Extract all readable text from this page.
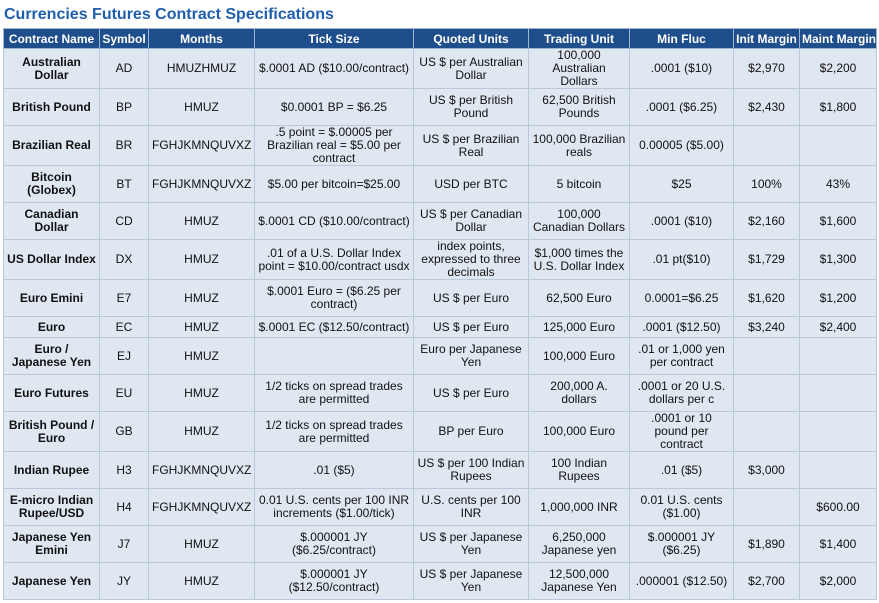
Currencies Futures Contract Specifications
Contract Name	Symbol	Months	Tick Size	Quoted Units	Trading Unit	Min Fluc	Init Margin	Maint Margin
Australian Dollar	AD	HMUZHMUZ	$.0001 AD ($10.00/contract)	US $ per Australian Dollar	100,000 Australian Dollars	.0001 ($10)	$2,970	$2,200
British Pound	BP	HMUZ	$0.0001 BP = $6.25	US $ per British Pound	62,500 British Pounds	.0001 ($6.25)	$2,430	$1,800
Brazilian Real	BR	FGHJKMNQUVXZ	.5 point = $.00005 per Brazilian real = $5.00 per contract	US $ per Brazilian Real	100,000 Brazilian reals	0.00005 ($5.00)		
Bitcoin (Globex)	BT	FGHJKMNQUVXZ	$5.00 per bitcoin=$25.00	USD per BTC	5 bitcoin	$25	100%	43%
Canadian Dollar	CD	HMUZ	$.0001 CD ($10.00/contract)	US $ per Canadian Dollar	100,000 Canadian Dollars	.0001 ($10)	$2,160	$1,600
US Dollar Index	DX	HMUZ	.01 of a U.S. Dollar Index point = $10.00/contract usdx	index points, expressed to three decimals	$1,000 times the U.S. Dollar Index	.01 pt($10)	$1,729	$1,300
Euro Emini	E7	HMUZ	$.0001 Euro = ($6.25 per contract)	US $ per Euro	62,500 Euro	0.0001=$6.25	$1,620	$1,200
Euro	EC	HMUZ	$.0001 EC ($12.50/contract)	US $ per Euro	125,000 Euro	.0001 ($12.50)	$3,240	$2,400
Euro / Japanese Yen	EJ	HMUZ		Euro per Japanese Yen	100,000 Euro	.01 or 1,000 yen per contract		
Euro Futures	EU	HMUZ	1/2 ticks on spread trades are permitted	US $ per Euro	200,000 A. dollars	.0001 or 20 U.S. dollars per c		
British Pound / Euro	GB	HMUZ	1/2 ticks on spread trades are permitted	BP per Euro	100,000 Euro	.0001 or 10 pound per contract		
Indian Rupee	H3	FGHJKMNQUVXZ	.01 ($5)	US $ per 100 Indian Rupees	100 Indian Rupees	.01 ($5)	$3,000	
E-micro Indian Rupee/USD	H4	FGHJKMNQUVXZ	0.01 U.S. cents per 100 INR increments ($1.00/tick)	U.S. cents per 100 INR	1,000,000 INR	0.01 U.S. cents ($1.00)		$600.00
Japanese Yen Emini	J7	HMUZ	$.000001 JY ($6.25/contract)	US $ per Japanese Yen	6,250,000 Japanese yen	$.000001 JY ($6.25)	$1,890	$1,400
Japanese Yen	JY	HMUZ	$.000001 JY ($12.50/contract)	US $ per Japanese Yen	12,500,000 Japanese Yen	.000001 ($12.50)	$2,700	$2,000
